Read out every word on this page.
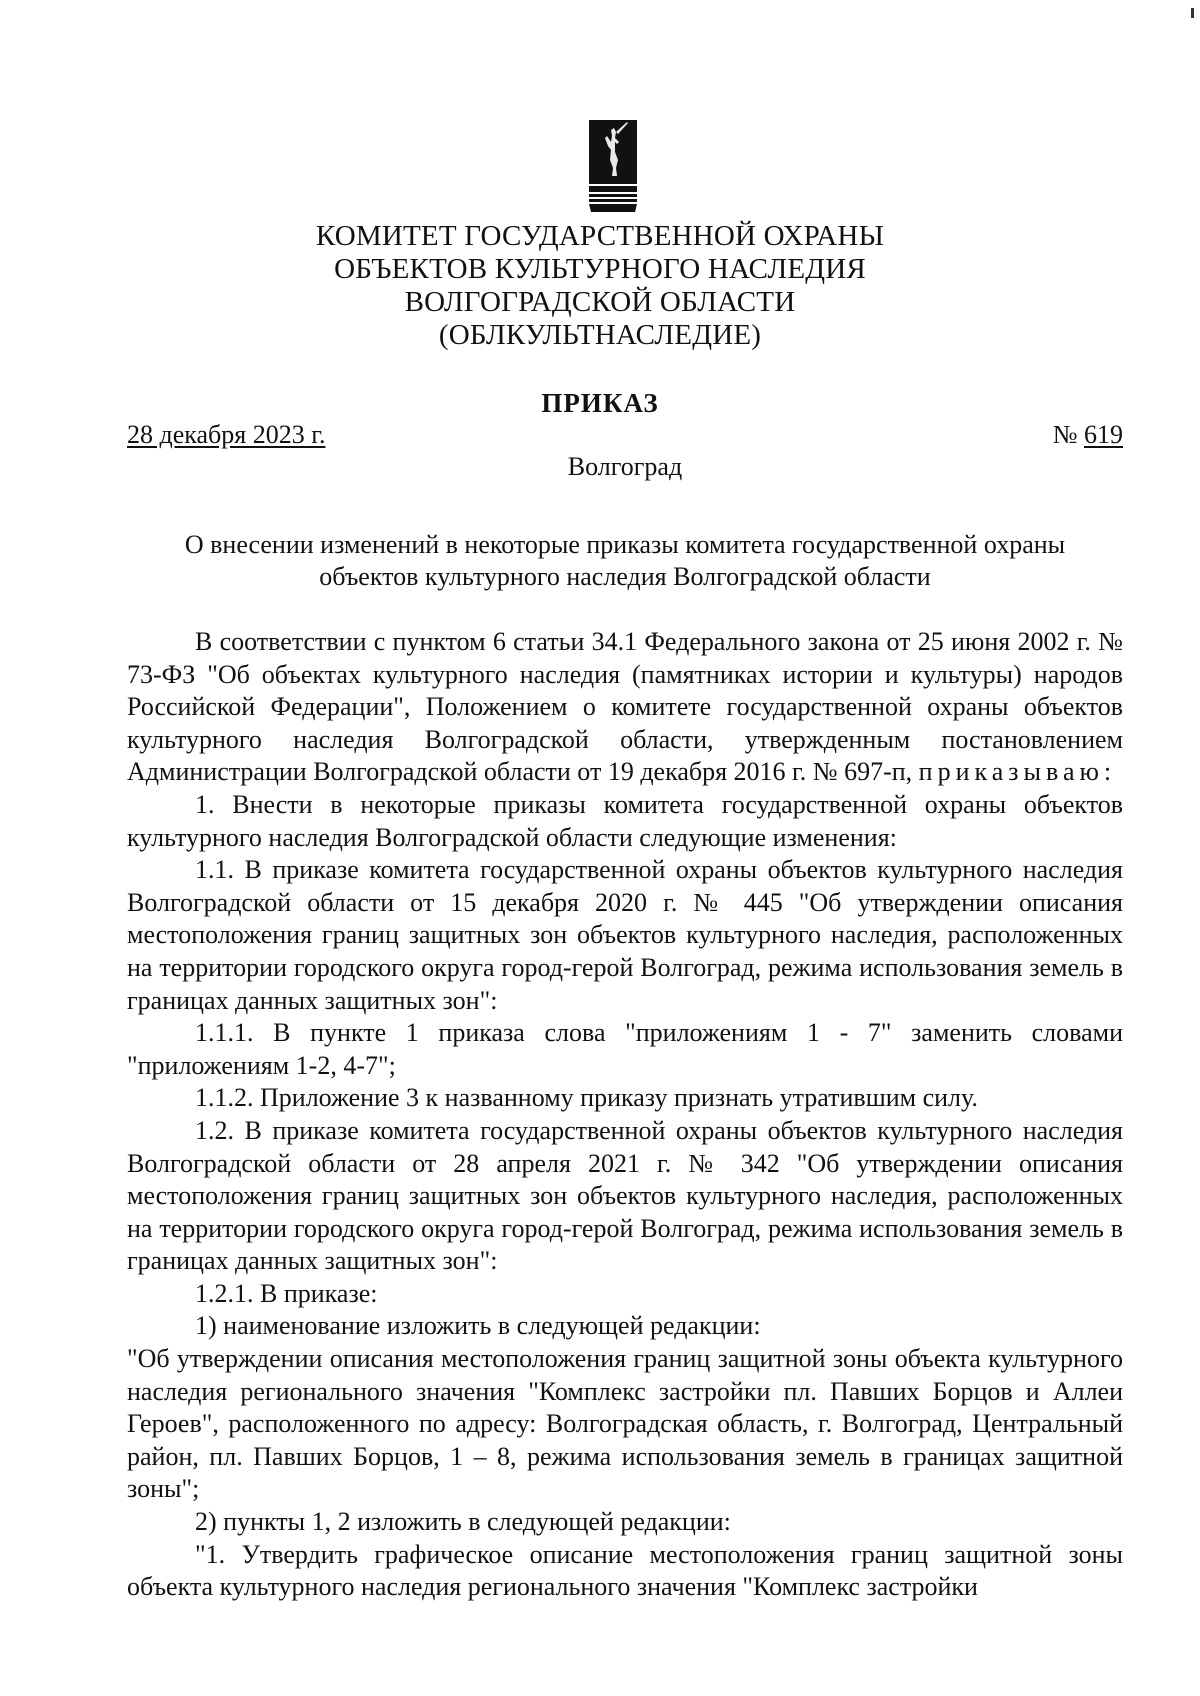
КОМИТЕТ ГОСУДАРСТВЕННОЙ ОХРАНЫ
ОБЪЕКТОВ КУЛЬТУРНОГО НАСЛЕДИЯ
ВОЛГОГРАДСКОЙ ОБЛАСТИ
(ОБЛКУЛЬТНАСЛЕДИЕ)
ПРИКАЗ
28 декабря 2023 г.	№ 619
Волгоград
О внесении изменений в некоторые приказы комитета государственной охраны
объектов культурного наследия Волгоградской области

В соответствии с пунктом 6 статьи 34.1 Федерального закона от 25 июня 2002 г. № 73-ФЗ "Об объектах культурного наследия (памятниках истории и культуры) народов Российской Федерации", Положением о комитете государственной охраны объектов культурного наследия Волгоградской области, утвержденным постановлением Администрации Волгоградской области от 19 декабря 2016 г. № 697-п, приказываю:

1. Внести в некоторые приказы комитета государственной охраны объектов культурного наследия Волгоградской области следующие изменения:

1.1. В приказе комитета государственной охраны объектов культурного наследия Волгоградской области от 15 декабря 2020 г. № 445 "Об утверждении описания местоположения границ защитных зон объектов культурного наследия, расположенных на территории городского округа город-герой Волгоград, режима использования земель в границах данных защитных зон":

1.1.1. В пункте 1 приказа слова "приложениям 1 - 7" заменить словами "приложениям 1-2, 4-7";

1.1.2. Приложение 3 к названному приказу признать утратившим силу.

1.2. В приказе комитета государственной охраны объектов культурного наследия Волгоградской области от 28 апреля 2021 г. № 342 "Об утверждении описания местоположения границ защитных зон объектов культурного наследия, расположенных на территории городского округа город-герой Волгоград, режима использования земель в границах данных защитных зон":

1.2.1. В приказе:

1) наименование изложить в следующей редакции:

"Об утверждении описания местоположения границ защитной зоны объекта культурного наследия регионального значения "Комплекс застройки пл. Павших Борцов и Аллеи Героев", расположенного по адресу: Волгоградская область, г. Волгоград, Центральный район, пл. Павших Борцов, 1 – 8, режима использования земель в границах защитной зоны";

2) пункты 1, 2 изложить в следующей редакции:

"1. Утвердить графическое описание местоположения границ защитной зоны объекта культурного наследия регионального значения "Комплекс застройки
